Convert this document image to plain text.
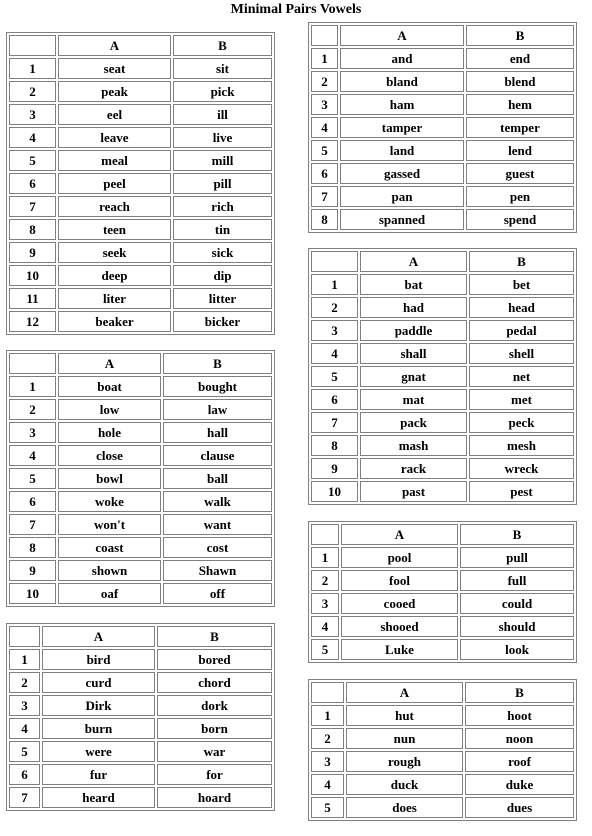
Minimal Pairs Vowels
	A	B
1	seat	sit
2	peak	pick
3	eel	ill
4	leave	live
5	meal	mill
6	peel	pill
7	reach	rich
8	teen	tin
9	seek	sick
10	deep	dip
11	liter	litter
12	beaker	bicker
	A	B
1	boat	bought
2	low	law
3	hole	hall
4	close	clause
5	bowl	ball
6	woke	walk
7	won't	want
8	coast	cost
9	shown	Shawn
10	oaf	off
	A	B
1	bird	bored
2	curd	chord
3	Dirk	dork
4	burn	born
5	were	war
6	fur	for
7	heard	hoard
	A	B
1	and	end
2	bland	blend
3	ham	hem
4	tamper	temper
5	land	lend
6	gassed	guest
7	pan	pen
8	spanned	spend
	A	B
1	bat	bet
2	had	head
3	paddle	pedal
4	shall	shell
5	gnat	net
6	mat	met
7	pack	peck
8	mash	mesh
9	rack	wreck
10	past	pest
	A	B
1	pool	pull
2	fool	full
3	cooed	could
4	shooed	should
5	Luke	look
	A	B
1	hut	hoot
2	nun	noon
3	rough	roof
4	duck	duke
5	does	dues
